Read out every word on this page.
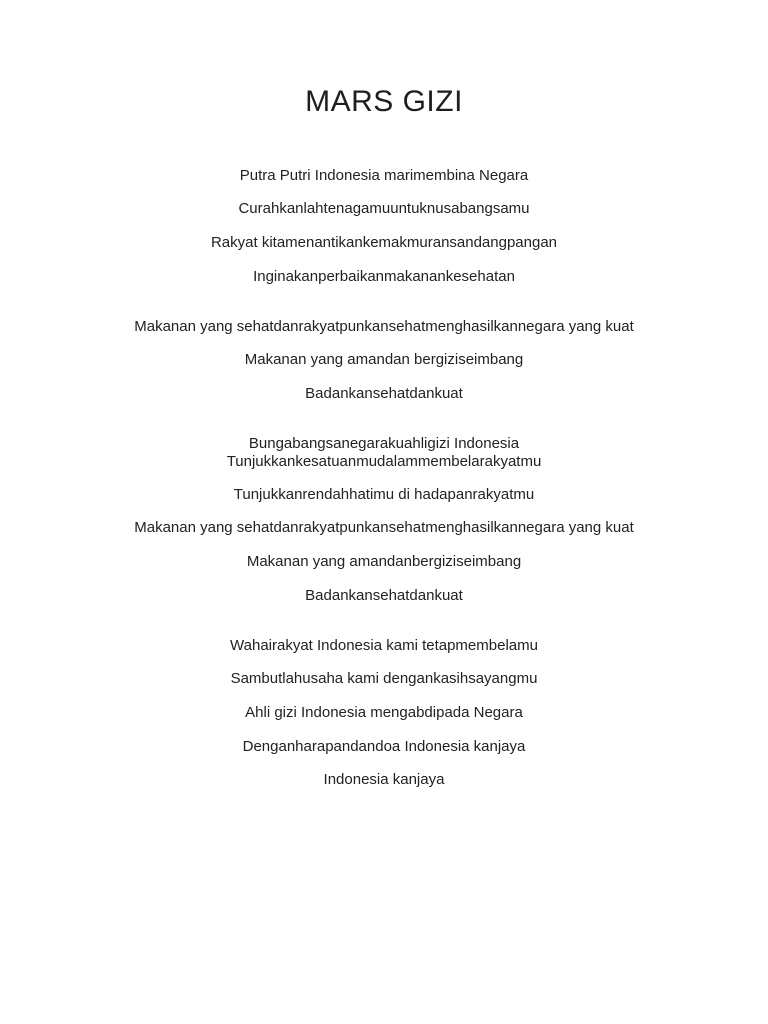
MARS GIZI

Putra Putri Indonesia marimembina Negara

Curahkanlahtenagamuuntuknusabangsamu

Rakyat kitamenantikankemakmuransandangpangan

Inginakanperbaikanmakanankesehatan

Makanan yang sehatdanrakyatpunkansehatmenghasilkannegara yang kuat

Makanan yang amandan bergiziseimbang

Badankansehatdankuat

Bungabangsanegarakuahligizi Indonesia

Tunjukkankesatuanmudalammembelarakyatmu

Tunjukkanrendahhatimu di hadapanrakyatmu

Makanan yang sehatdanrakyatpunkansehatmenghasilkannegara yang kuat

Makanan yang amandanbergiziseimbang

Badankansehatdankuat

Wahairakyat Indonesia kami tetapmembelamu

Sambutlahusaha kami dengankasihsayangmu

Ahli gizi Indonesia mengabdipada Negara

Denganharapandandoa Indonesia kanjaya

Indonesia kanjaya
